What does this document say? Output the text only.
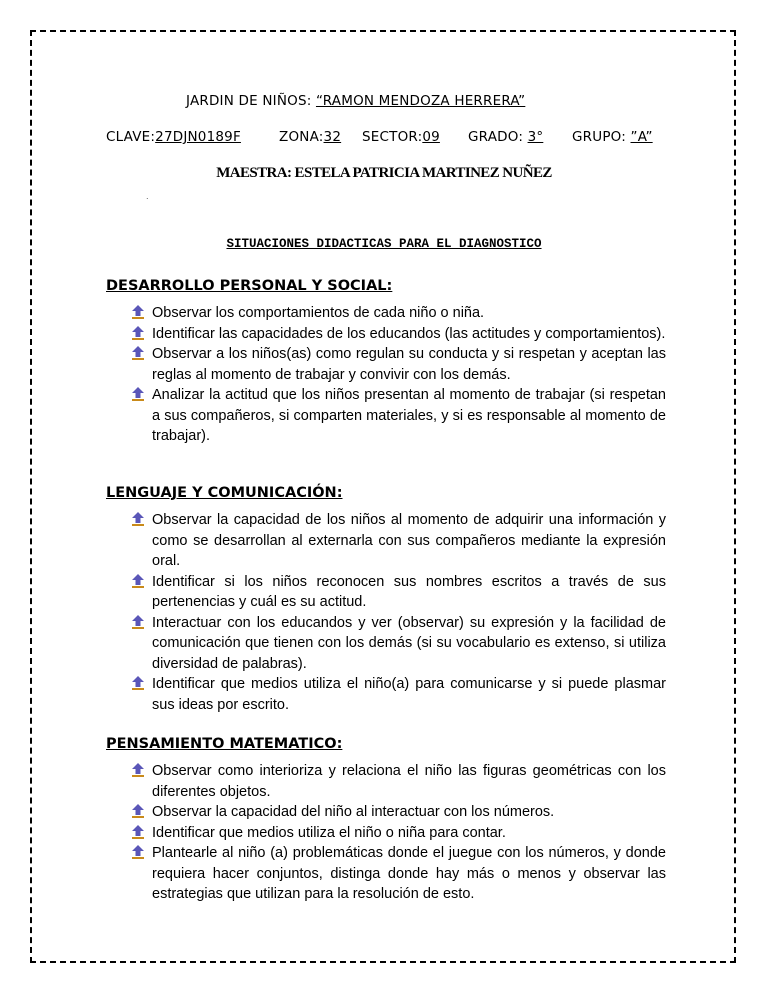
JARDIN DE NIÑOS: “RAMON MENDOZA HERRERA”
CLAVE:27DJN0189F	ZONA:32 SECTOR:09 GRADO: 3° GRUPO: ”A”
MAESTRA: ESTELA PATRICIA MARTINEZ NUÑEZ
.
SITUACIONES DIDACTICAS PARA EL DIAGNOSTICO
DESARROLLO PERSONAL Y SOCIAL:
Observar los comportamientos de cada niño o niña.
Identificar las capacidades de los educandos (las actitudes y comportamientos).
Observar a los niños(as) como regulan su conducta y si respetan y aceptan las reglas al momento de trabajar y convivir con los demás.
Analizar la actitud que los niños presentan al momento de trabajar (si respetan a sus compañeros, si comparten materiales, y si es responsable al momento de trabajar).
LENGUAJE Y COMUNICACIÓN:
Observar la capacidad de los niños al momento de adquirir una información y como se desarrollan al externarla con sus compañeros mediante la expresión oral.
Identificar si los niños reconocen sus nombres escritos a través de sus pertenencias y cuál es su actitud.
Interactuar con los educandos y ver (observar) su expresión y la facilidad de comunicación que tienen con los demás (si su vocabulario es extenso, si utiliza diversidad de palabras).
Identificar que medios utiliza el niño(a) para comunicarse y si puede plasmar sus ideas por escrito.
PENSAMIENTO MATEMATICO:
Observar como interioriza y relaciona el niño las figuras geométricas con los diferentes objetos.
Observar la capacidad del niño al interactuar con los números.
Identificar que medios utiliza el niño o niña para contar.
Plantearle al niño (a) problemáticas donde el juegue con los números, y donde requiera hacer conjuntos, distinga donde hay más o menos y observar las estrategias que utilizan para la resolución de esto.
